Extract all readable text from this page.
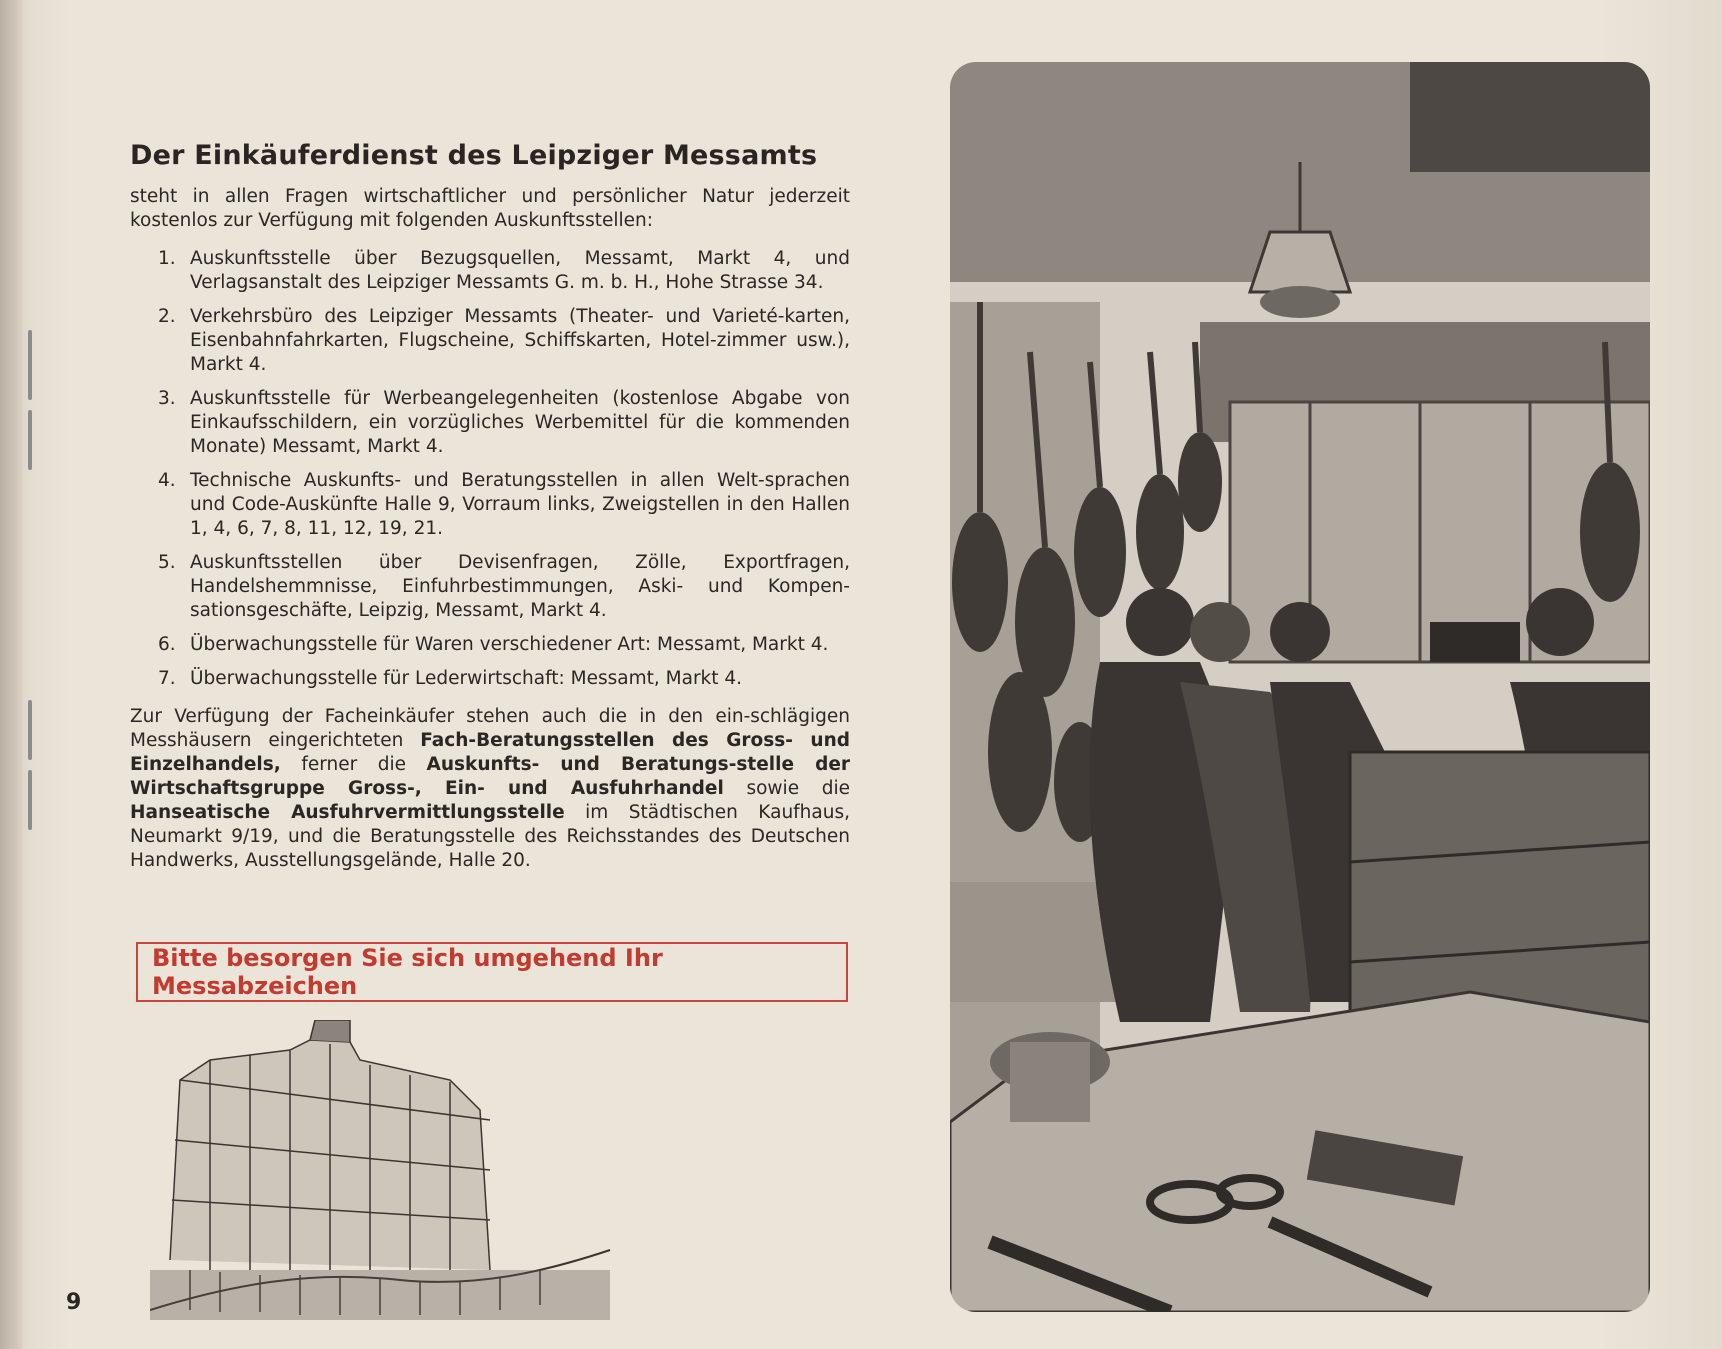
Der Einkäuferdienst des Leipziger Messamts

steht in allen Fragen wirtschaftlicher und persönlicher Natur jederzeit kostenlos zur Verfügung mit folgenden Auskunftsstellen:

1. Auskunftsstelle über Bezugsquellen, Messamt, Markt 4, und Verlagsanstalt des Leipziger Messamts G. m. b. H., Hohe Strasse 34.
2. Verkehrsbüro des Leipziger Messamts (Theater- und Varieté-karten, Eisenbahnfahrkarten, Flugscheine, Schiffskarten, Hotel-zimmer usw.), Markt 4.
3. Auskunftsstelle für Werbeangelegenheiten (kostenlose Abgabe von Einkaufsschildern, ein vorzügliches Werbemittel für die kommenden Monate) Messamt, Markt 4.
4. Technische Auskunfts- und Beratungsstellen in allen Welt-sprachen und Code-Auskünfte Halle 9, Vorraum links, Zweigstellen in den Hallen 1, 4, 6, 7, 8, 11, 12, 19, 21.
5. Auskunftsstellen über Devisenfragen, Zölle, Exportfragen, Handelshemmnisse, Einfuhrbestimmungen, Aski- und Kompen-sationsgeschäfte, Leipzig, Messamt, Markt 4.
6. Überwachungsstelle für Waren verschiedener Art: Messamt, Markt 4.
7. Überwachungsstelle für Lederwirtschaft: Messamt, Markt 4.

Zur Verfügung der Facheinkäufer stehen auch die in den ein-schlägigen Messhäusern eingerichteten Fach-Beratungsstellen des Gross- und Einzelhandels, ferner die Auskunfts- und Beratungs-stelle der Wirtschaftsgruppe Gross-, Ein- und Ausfuhrhandel sowie die Hanseatische Ausfuhrvermittlungsstelle im Städtischen Kaufhaus, Neumarkt 9/19, und die Beratungsstelle des Reichsstandes des Deutschen Handwerks, Ausstellungsgelände, Halle 20.

Bitte besorgen Sie sich umgehend Ihr Messabzeichen
9
